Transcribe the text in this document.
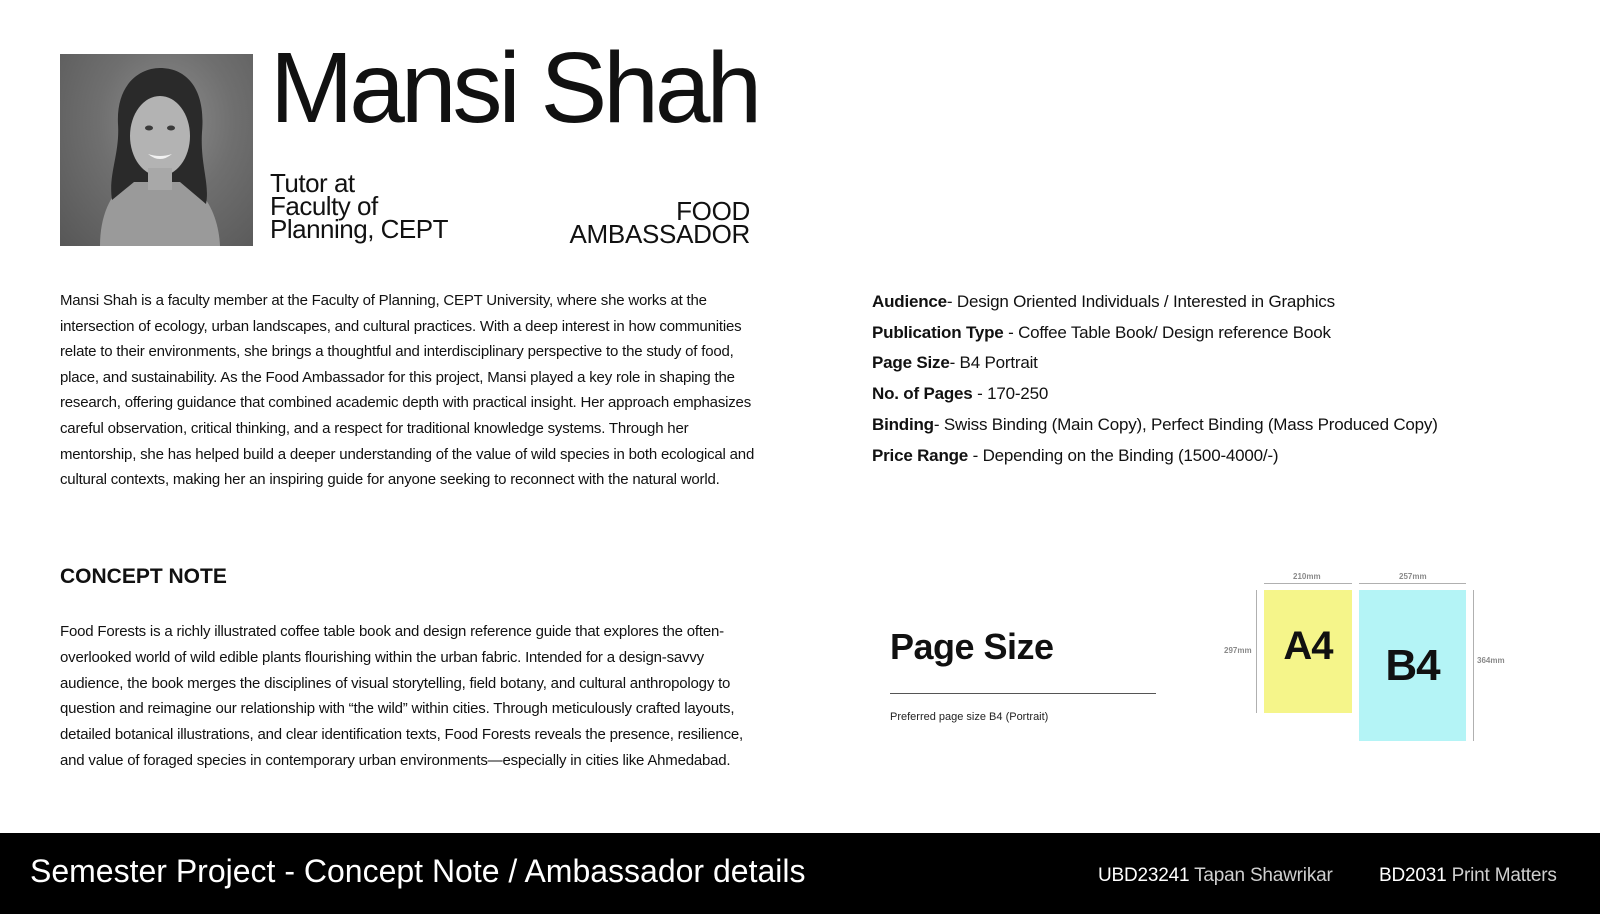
Mansi Shah
Tutor at
Faculty of
Planning, CEPT
FOOD
AMBASSADOR

Mansi Shah is a faculty member at the Faculty of Planning, CEPT University, where she works at the intersection of ecology, urban landscapes, and cultural practices. With a deep interest in how communities relate to their environments, she brings a thoughtful and interdisciplinary perspective to the study of food, place, and sustainability. As the Food Ambassador for this project, Mansi played a key role in shaping the research, offering guidance that combined academic depth with practical insight. Her approach emphasizes careful observation, critical thinking, and a respect for traditional knowledge systems. Through her mentorship, she has helped build a deeper understanding of the value of wild species in both ecological and cultural contexts, making her an inspiring guide for anyone seeking to reconnect with the natural world.

Audience- Design Oriented Individuals / Interested in Graphics
Publication Type - Coffee Table Book/ Design reference Book
Page Size- B4 Portrait
No. of Pages - 170-250
Binding- Swiss Binding (Main Copy), Perfect Binding (Mass Produced Copy)
Price Range - Depending on the Binding (1500-4000/-)
CONCEPT NOTE

Food Forests is a richly illustrated coffee table book and design reference guide that explores the often-overlooked world of wild edible plants flourishing within the urban fabric. Intended for a design-savvy audience, the book merges the disciplines of visual storytelling, field botany, and cultural anthropology to question and reimagine our relationship with “the wild” within cities. Through meticulously crafted layouts, detailed botanical illustrations, and clear identification texts, Food Forests reveals the presence, resilience, and value of foraged species in contemporary urban environments—especially in cities like Ahmedabad.

Page Size
Preferred page size B4 (Portrait)
210mm	257mm
297mm
364mm
A4 B4
Semester Project - Concept Note / Ambassador details	UBD23241 Tapan Shawrikar BD2031 Print Matters
